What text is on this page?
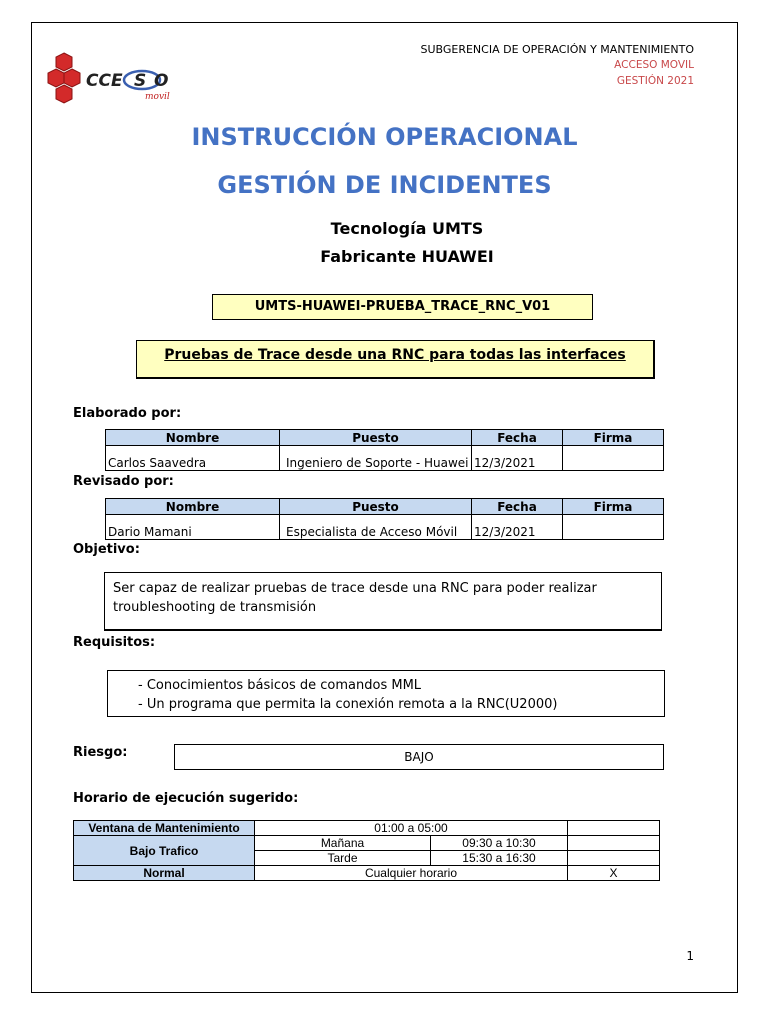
CCE S O
movil
SUBGERENCIA DE OPERACIÓN Y MANTENIMIENTO
ACCESO MOVIL
GESTIÓN 2021
INSTRUCCIÓN OPERACIONAL
GESTIÓN DE INCIDENTES
Tecnología UMTS
Fabricante HUAWEI
UMTS-HUAWEI-PRUEBA_TRACE_RNC_V01
Pruebas de Trace desde una RNC para todas las interfaces
Elaborado por:
Nombre	Puesto	Fecha	Firma
Carlos Saavedra	Ingeniero de Soporte - Huawei	12/3/2021	
Revisado por:
Nombre	Puesto	Fecha	Firma
Dario Mamani	Especialista de Acceso Móvil	12/3/2021	
Objetivo:
Ser capaz de realizar pruebas de trace desde una RNC para poder realizar troubleshooting de transmisión
Requisitos:
- Conocimientos básicos de comandos MML
- Un programa que permita la conexión remota a la RNC(U2000)
Riesgo:	BAJO
Horario de ejecución sugerido:
Ventana de Mantenimiento	01:00 a 05:00		
Bajo Trafico	Mañana	09:30 a 10:30	
	Tarde	15:30 a 16:30	
Normal	Cualquier horario		X
1
